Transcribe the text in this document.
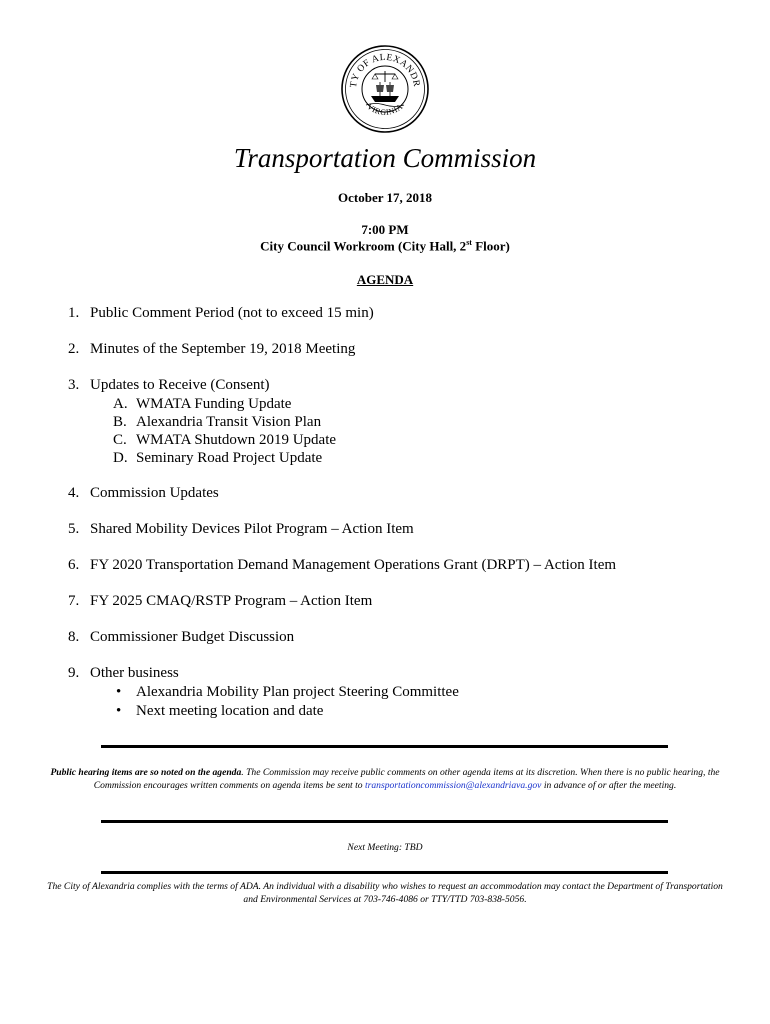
TY OF ALEXANDR
VIRGINIA
Transportation Commission
October 17, 2018
7:00 PM
City Council Workroom (City Hall, 2st Floor)
AGENDA
1. Public Comment Period (not to exceed 15 min)
2. Minutes of the September 19, 2018 Meeting
3. Updates to Receive (Consent)
A. WMATA Funding Update
B. Alexandria Transit Vision Plan
C. WMATA Shutdown 2019 Update
D. Seminary Road Project Update
4. Commission Updates
5. Shared Mobility Devices Pilot Program – Action Item
6. FY 2020 Transportation Demand Management Operations Grant (DRPT) – Action Item
7. FY 2025 CMAQ/RSTP Program – Action Item
8. Commissioner Budget Discussion
9. Other business
• Alexandria Mobility Plan project Steering Committee
• Next meeting location and date
Public hearing items are so noted on the agenda. The Commission may receive public comments on other agenda items at its discretion. When there is no public hearing, the Commission encourages written comments on agenda items be sent to transportationcommission@alexandriava.gov in advance of or after the meeting.
Next Meeting: TBD
The City of Alexandria complies with the terms of ADA. An individual with a disability who wishes to request an accommodation may contact the Department of Transportation and Environmental Services at 703-746-4086 or TTY/TTD 703-838-5056.
